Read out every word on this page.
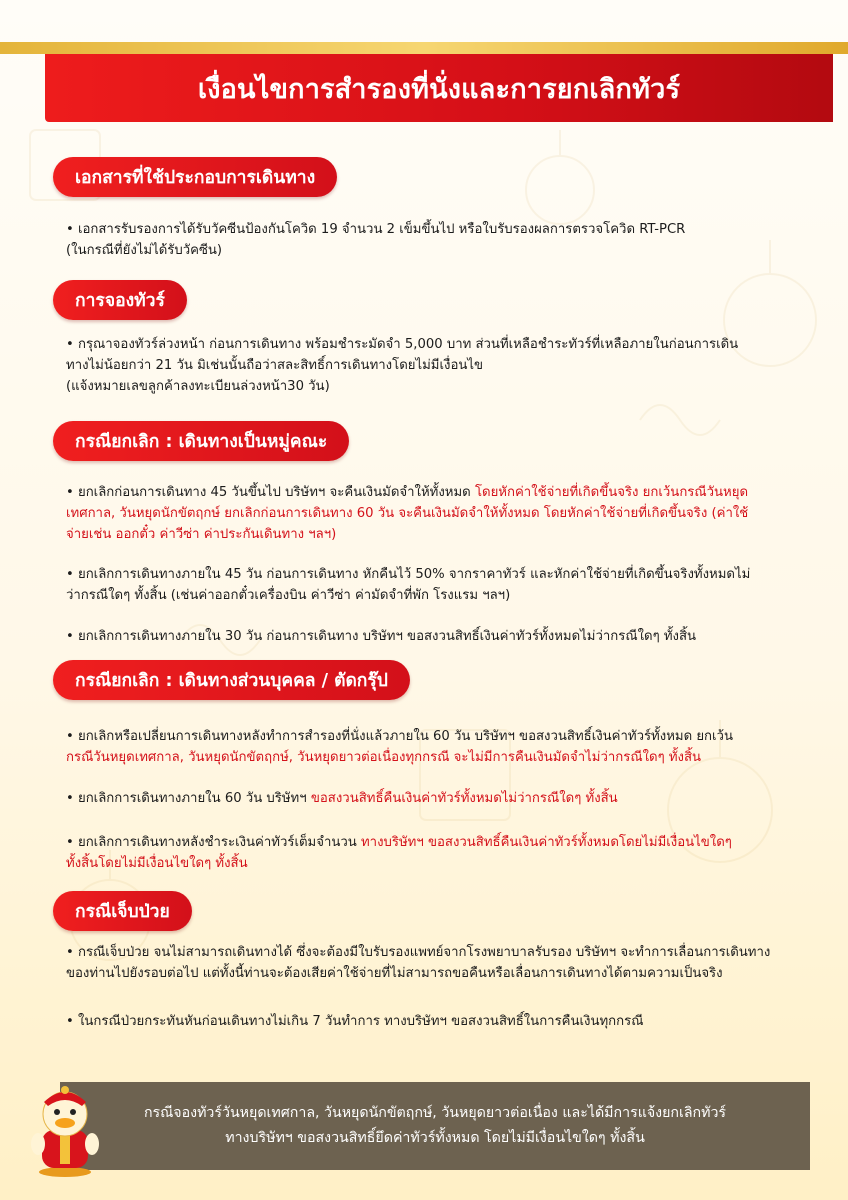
เงื่อนไขการสำรองที่นั่งและการยกเลิกทัวร์
เอกสารที่ใช้ประกอบการเดินทาง
• เอกสารรับรองการได้รับวัคซีนป้องกันโควิด 19 จำนวน 2 เข็มขึ้นไป หรือใบรับรองผลการตรวจโควิด RT-PCR
(ในกรณีที่ยังไม่ได้รับวัคซีน)
การจองทัวร์
• กรุณาจองทัวร์ล่วงหน้า ก่อนการเดินทาง พร้อมชำระมัดจำ 5,000 บาท ส่วนที่เหลือชำระทัวร์ที่เหลือภายในก่อนการเดิน
ทางไม่น้อยกว่า 21 วัน มิเช่นนั้นถือว่าสละสิทธิ์การเดินทางโดยไม่มีเงื่อนไข
(แจ้งหมายเลขลูกค้าลงทะเบียนล่วงหน้า30 วัน)
กรณียกเลิก : เดินทางเป็นหมู่คณะ
• ยกเลิกก่อนการเดินทาง 45 วันขึ้นไป บริษัทฯ จะคืนเงินมัดจำให้ทั้งหมด โดยหักค่าใช้จ่ายที่เกิดขึ้นจริง ยกเว้นกรณีวันหยุด
เทศกาล, วันหยุดนักขัตฤกษ์ ยกเลิกก่อนการเดินทาง 60 วัน จะคืนเงินมัดจำให้ทั้งหมด โดยหักค่าใช้จ่ายที่เกิดขึ้นจริง (ค่าใช้
จ่ายเช่น ออกตั๋ว ค่าวีซ่า ค่าประกันเดินทาง ฯลฯ)
• ยกเลิกการเดินทางภายใน 45 วัน ก่อนการเดินทาง หักคืนไว้ 50% จากราคาทัวร์ และหักค่าใช้จ่ายที่เกิดขึ้นจริงทั้งหมดไม่
ว่ากรณีใดๆ ทั้งสิ้น (เช่นค่าออกตั๋วเครื่องบิน ค่าวีซ่า ค่ามัดจำที่พัก โรงแรม ฯลฯ)
• ยกเลิกการเดินทางภายใน 30 วัน ก่อนการเดินทาง บริษัทฯ ขอสงวนสิทธิ์เงินค่าทัวร์ทั้งหมดไม่ว่ากรณีใดๆ ทั้งสิ้น
กรณียกเลิก : เดินทางส่วนบุคคล / ตัดกรุ๊ป
• ยกเลิกหรือเปลี่ยนการเดินทางหลังทำการสำรองที่นั่งแล้วภายใน 60 วัน บริษัทฯ ขอสงวนสิทธิ์เงินค่าทัวร์ทั้งหมด ยกเว้น
กรณีวันหยุดเทศกาล, วันหยุดนักขัตฤกษ์, วันหยุดยาวต่อเนื่องทุกกรณี จะไม่มีการคืนเงินมัดจำไม่ว่ากรณีใดๆ ทั้งสิ้น
• ยกเลิกการเดินทางภายใน 60 วัน บริษัทฯ ขอสงวนสิทธิ์คืนเงินค่าทัวร์ทั้งหมดไม่ว่ากรณีใดๆ ทั้งสิ้น
• ยกเลิกการเดินทางหลังชำระเงินค่าทัวร์เต็มจำนวน ทางบริษัทฯ ขอสงวนสิทธิ์คืนเงินค่าทัวร์ทั้งหมดโดยไม่มีเงื่อนไขใดๆ
ทั้งสิ้นโดยไม่มีเงื่อนไขใดๆ ทั้งสิ้น
กรณีเจ็บป่วย
• กรณีเจ็บป่วย จนไม่สามารถเดินทางได้ ซึ่งจะต้องมีใบรับรองแพทย์จากโรงพยาบาลรับรอง บริษัทฯ จะทำการเลื่อนการเดินทาง
ของท่านไปยังรอบต่อไป แต่ทั้งนี้ท่านจะต้องเสียค่าใช้จ่ายที่ไม่สามารถขอคืนหรือเลื่อนการเดินทางได้ตามความเป็นจริง
• ในกรณีป่วยกระทันหันก่อนเดินทางไม่เกิน 7 วันทำการ ทางบริษัทฯ ขอสงวนสิทธิ์ในการคืนเงินทุกกรณี
กรณีจองทัวร์วันหยุดเทศกาล, วันหยุดนักขัตฤกษ์, วันหยุดยาวต่อเนื่อง และได้มีการแจ้งยกเลิกทัวร์
ทางบริษัทฯ ขอสงวนสิทธิ์ยึดค่าทัวร์ทั้งหมด โดยไม่มีเงื่อนไขใดๆ ทั้งสิ้น
